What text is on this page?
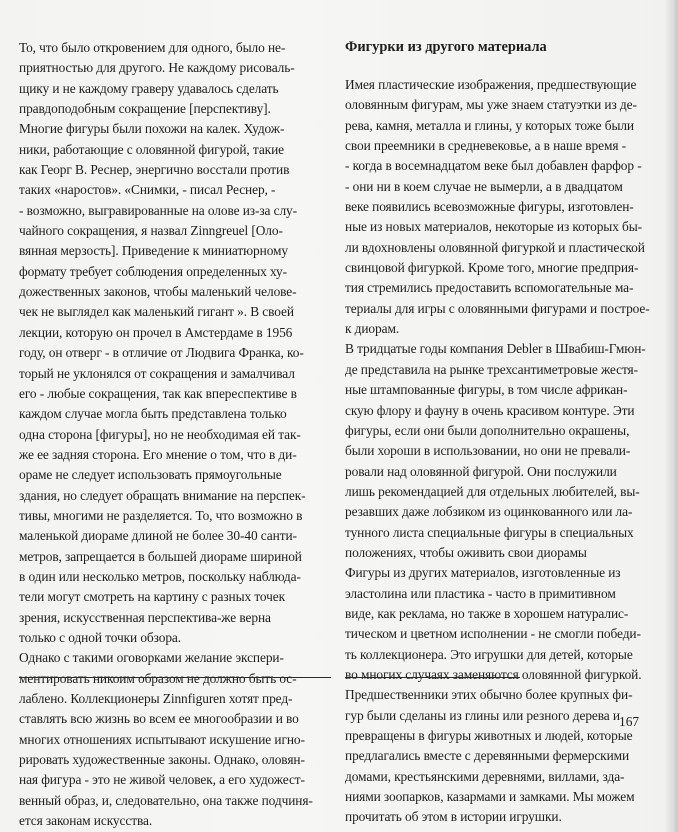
То, что было откровением для одного, было не-
приятностью для другого. Не каждому рисоваль-
щику и не каждому граверу удавалось сделать
правдоподобным сокращение [перспективу].
Многие фигуры были похожи на калек. Худож-
ники, работающие с оловянной фигурой, такие
как Георг В. Реснер, энергично восстали против
таких «наростов». «Снимки, - писал Реснер, -
- возможно, выгравированные на олове из-за слу-
чайного сокращения, я назвал Zinngreuel [Оло-
вянная мерзость]. Приведение к миниатюрному
формату требует соблюдения определенных ху-
дожественных законов, чтобы маленький челове-
чек не выглядел как маленький гигант ». В своей
лекции, которую он прочел в Амстердаме в 1956
году, он отверг - в отличие от Людвига Франка, ко-
торый не уклонялся от сокращения и замалчивал
его - любые сокращения, так как впереспективе в
каждом случае могла быть представлена только
одна сторона [фигуры], но не необходимая ей так-
же ее задняя сторона. Его мнение о том, что в ди-
ораме не следует использовать прямоугольные
здания, но следует обращать внимание на перспек-
тивы, многими не разделяется. То, что возможно в
маленькой диораме длиной не более 30-40 санти-
метров, запрещается в большей диораме шириной
в один или несколько метров, поскольку наблюда-
тели могут смотреть на картину с разных точек
зрения, искусственная перспектива-же верна
только с одной точки обзора.
Однако с такими оговорками желание экспери-
ментировать никоим образом не должно быть ос-
лаблено. Коллекционеры Zinnfiguren хотят пред-
ставлять всю жизнь во всем ее многообразии и во
многих отношениях испытывают искушение игно-
рировать художественные законы. Однако, оловян-
ная фигура - это не живой человек, а его художест-
венный образ, и, следовательно, она также подчиня-
ется законам искусства.
Фигурки из другого материала
Имея пластические изображения, предшествующие
оловянным фигурам, мы уже знаем статуэтки из де-
рева, камня, металла и глины, у которых тоже были
свои преемники в средневековье, а в наше время -
- когда в восемнадцатом веке был добавлен фарфор -
- они ни в коем случае не вымерли, а в двадцатом
веке появились всевозможные фигуры, изготовлен-
ные из новых материалов, некоторые из которых бы-
ли вдохновлены оловянной фигуркой и пластической
свинцовой фигуркой. Кроме того, многие предприя-
тия стремились предоставить вспомогательные ма-
териалы для игры с оловянными фигурами и построе-
к диорам.
В тридцатые годы компания Debler в Швабиш-Гмюн-
де представила на рынке трехсантиметровые жестя-
ные штампованные фигуры, в том числе африкан-
скую флору и фауну в очень красивом контуре. Эти
фигуры, если они были дополнительно окрашены,
были хороши в использовании, но они не превали-
ровали над оловянной фигурой. Они послужили
лишь рекомендацией для отдельных любителей, вы-
резавших даже лобзиком из оцинкованного или ла-
тунного листа специальные фигуры в специальных
положениях, чтобы оживить свои диорамы
Фигуры из других материалов, изготовленные из
эластолина или пластика - часто в примитивном
виде, как реклама, но также в хорошем натуралис-
тическом и цветном исполнении - не смогли победи-
ть коллекционера. Это игрушки для детей, которые
во многих случаях заменяются оловянной фигуркой.
Предшественники этих обычно более крупных фи-
гур были сделаны из глины или резного дерева и
превращены в фигуры животных и людей, которые
предлагались вместе с деревянными фермерскими
домами, крестьянскими деревнями, виллами, зда-
ниями зоопарков, казармами и замками. Мы можем
прочитать об этом в истории игрушки.
167
